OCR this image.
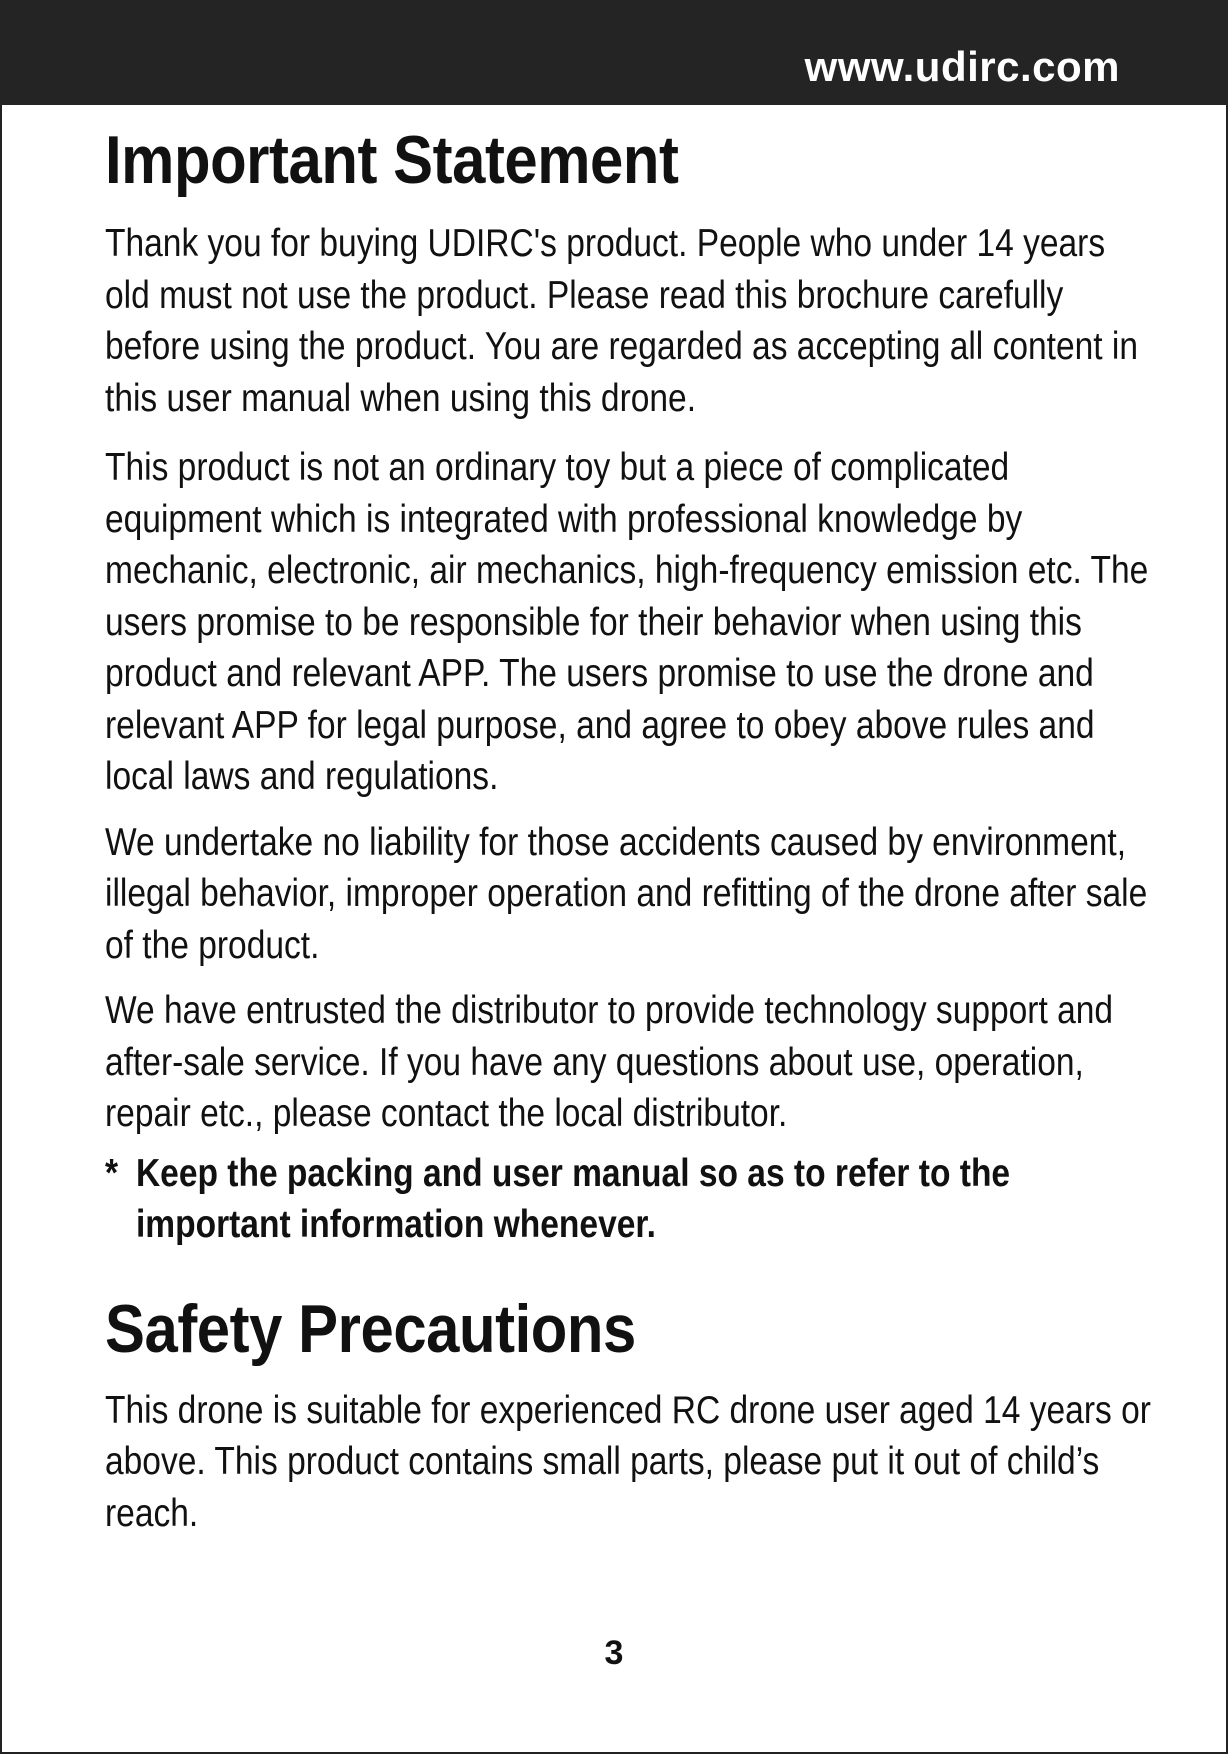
www.udirc.com
Important Statement

Thank you for buying UDIRC's product. People who under 14 years old must not use the product. Please read this brochure carefully before using the product. You are regarded as accepting all content in this user manual when using this drone.

This product is not an ordinary toy but a piece of complicated equipment which is integrated with professional knowledge by mechanic, electronic, air mechanics, high-frequency emission etc. The users promise to be responsible for their behavior when using this product and relevant APP. The users promise to use the drone and relevant APP for legal purpose, and agree to obey above rules and local laws and regulations.

We undertake no liability for those accidents caused by environment, illegal behavior, improper operation and refitting of the drone after sale of the product.

We have entrusted the distributor to provide technology support and after-sale service. If you have any questions about use, operation, repair etc., please contact the local distributor.

* Keep the packing and user manual so as to refer to the important information whenever.
Safety Precautions

This drone is suitable for experienced RC drone user aged 14 years or above. This product contains small parts, please put it out of child’s reach.

3
